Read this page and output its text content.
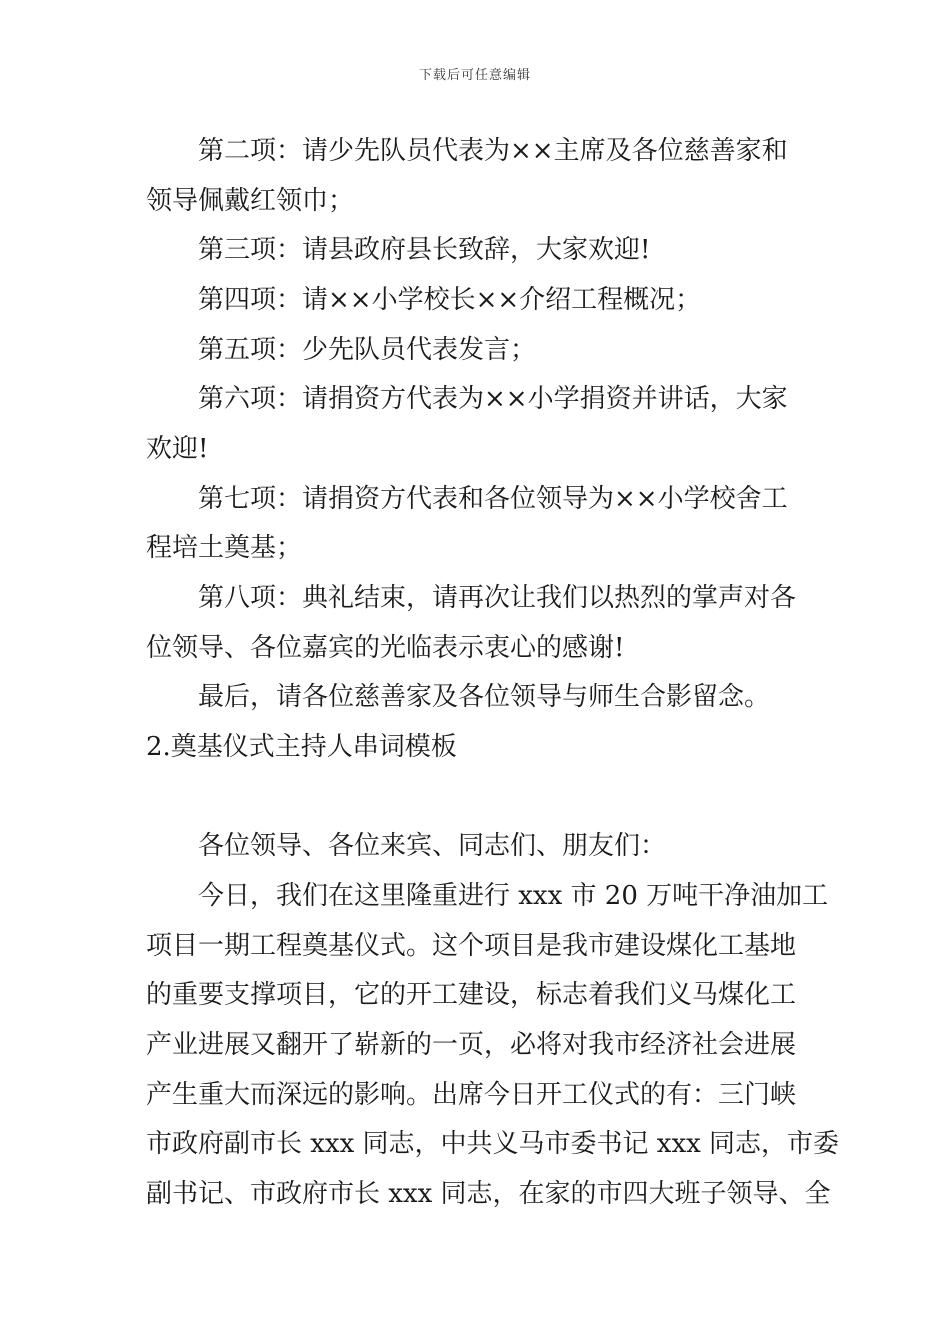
下载后可任意编辑
第二项：请少先队员代表为××主席及各位慈善家和
领导佩戴红领巾；
第三项：请县政府县长致辞，大家欢迎!
第四项：请××小学校长××介绍工程概况；
第五项：少先队员代表发言；
第六项：请捐资方代表为××小学捐资并讲话，大家
欢迎!
第七项：请捐资方代表和各位领导为××小学校舍工
程培土奠基；
第八项：典礼结束，请再次让我们以热烈的掌声对各
位领导、各位嘉宾的光临表示衷心的感谢!
最后，请各位慈善家及各位领导与师生合影留念。
2.奠基仪式主持人串词模板
各位领导、各位来宾、同志们、朋友们：
今日，我们在这里隆重进行 xxx 市 20 万吨干净油加工
项目一期工程奠基仪式。这个项目是我市建设煤化工基地
的重要支撑项目，它的开工建设，标志着我们义马煤化工
产业进展又翻开了崭新的一页，必将对我市经济社会进展
产生重大而深远的影响。出席今日开工仪式的有：三门峡
市政府副市长 xxx 同志，中共义马市委书记 xxx 同志，市委
副书记、市政府市长 xxx 同志，在家的市四大班子领导、全
